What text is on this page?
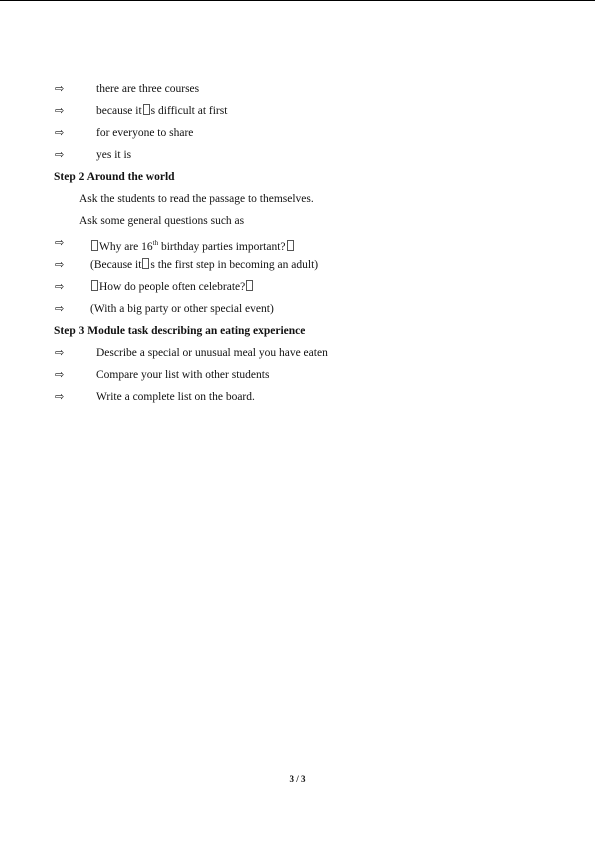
⇨	there are three courses
⇨	because it s difficult at first
⇨	for everyone to share
⇨	yes it is
Step 2 Around the world
Ask the students to read the passage to themselves.
Ask some general questions such as
⇨	Why are 16th birthday parties important?
⇨ (Because it s the first step in becoming an adult)
⇨	How do people often celebrate?
⇨ (With a big party or other special event)
Step 3 Module task describing an eating experience
⇨	Describe a special or unusual meal you have eaten
⇨	Compare your list with other students
⇨	Write a complete list on the board.
3 / 3
